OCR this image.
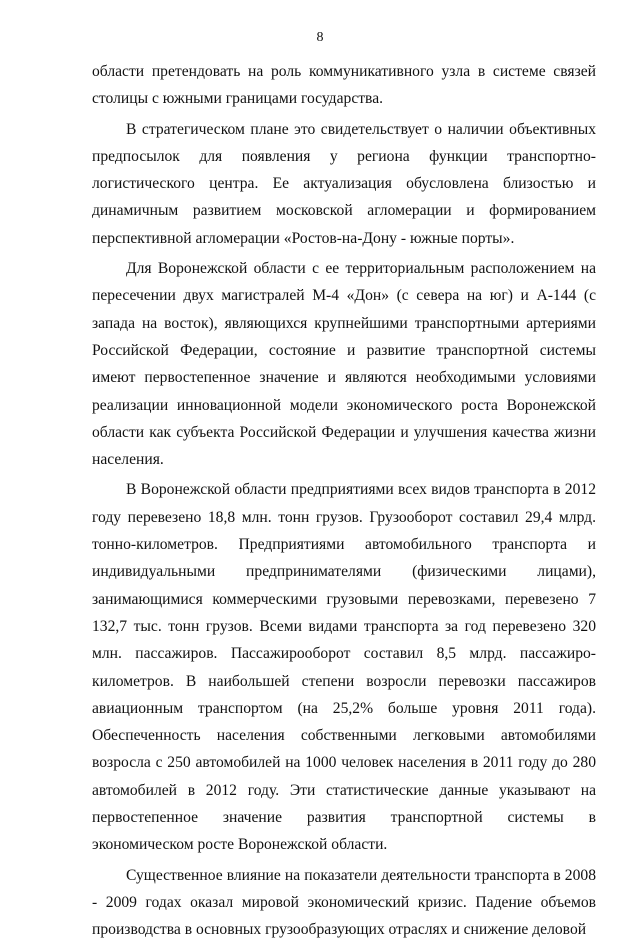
8

области претендовать на роль коммуникативного узла в системе связей столицы с южными границами государства.

В стратегическом плане это свидетельствует о наличии объективных предпосылок для появления у региона функции транспортно-логистического центра. Ее актуализация обусловлена близостью и динамичным развитием московской агломерации и формированием перспективной агломерации «Ростов-на-Дону - южные порты».

Для Воронежской области с ее территориальным расположением на пересечении двух магистралей М-4 «Дон» (с севера на юг) и А-144 (с запада на восток), являющихся крупнейшими транспортными артериями Российской Федерации, состояние и развитие транспортной системы имеют первостепенное значение и являются необходимыми условиями реализации инновационной модели экономического роста Воронежской области как субъекта Российской Федерации и улучшения качества жизни населения.

В Воронежской области предприятиями всех видов транспорта в 2012 году перевезено 18,8 млн. тонн грузов. Грузооборот составил 29,4 млрд. тонно-километров. Предприятиями автомобильного транспорта и индивидуальными предпринимателями (физическими лицами), занимающимися коммерческими грузовыми перевозками, перевезено 7 132,7 тыс. тонн грузов. Всеми видами транспорта за год перевезено 320 млн. пассажиров. Пассажирооборот составил 8,5 млрд. пассажиро-километров. В наибольшей степени возросли перевозки пассажиров авиационным транспортом (на 25,2% больше уровня 2011 года). Обеспеченность населения собственными легковыми автомобилями возросла с 250 автомобилей на 1000 человек населения в 2011 году до 280 автомобилей в 2012 году. Эти статистические данные указывают на первостепенное значение развития транспортной системы в экономическом росте Воронежской области.

Существенное влияние на показатели деятельности транспорта в 2008 - 2009 годах оказал мировой экономический кризис. Падение объемов производства в основных грузообразующих отраслях и снижение деловой
